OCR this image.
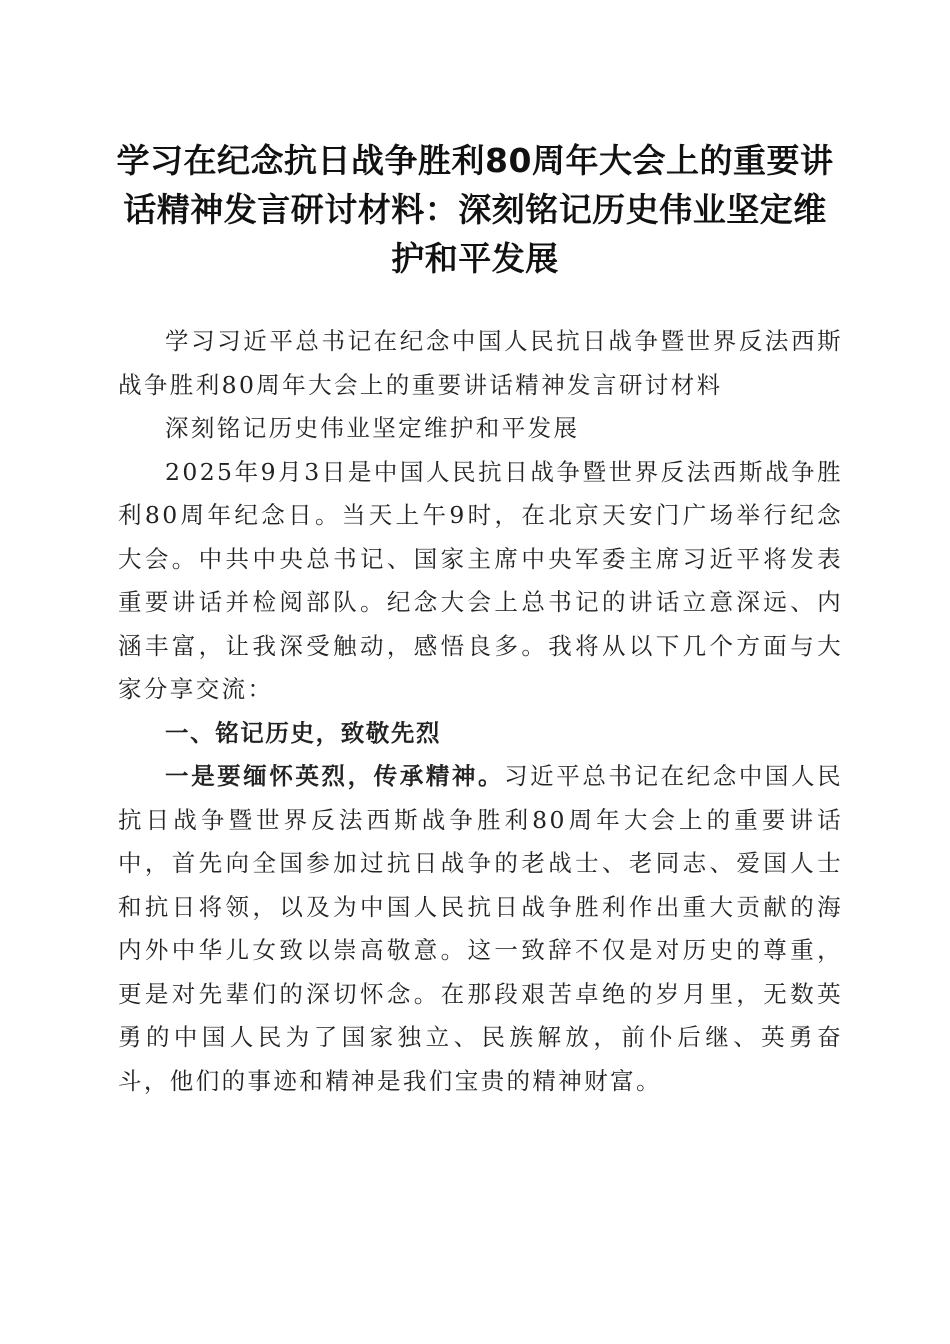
学习在纪念抗日战争胜利80周年大会上的重要讲话精神发言研讨材料：深刻铭记历史伟业坚定维护和平发展

学习习近平总书记在纪念中国人民抗日战争暨世界反法西斯战争胜利80周年大会上的重要讲话精神发言研讨材料

深刻铭记历史伟业坚定维护和平发展

2025年9月3日是中国人民抗日战争暨世界反法西斯战争胜利80周年纪念日。当天上午9时，在北京天安门广场举行纪念大会。中共中央总书记、国家主席中央军委主席习近平将发表重要讲话并检阅部队。纪念大会上总书记的讲话立意深远、内涵丰富，让我深受触动，感悟良多。我将从以下几个方面与大家分享交流：

一、铭记历史，致敬先烈

一是要缅怀英烈，传承精神。习近平总书记在纪念中国人民抗日战争暨世界反法西斯战争胜利80周年大会上的重要讲话中，首先向全国参加过抗日战争的老战士、老同志、爱国人士和抗日将领，以及为中国人民抗日战争胜利作出重大贡献的海内外中华儿女致以崇高敬意。这一致辞不仅是对历史的尊重，更是对先辈们的深切怀念。在那段艰苦卓绝的岁月里，无数英勇的中国人民为了国家独立、民族解放，前仆后继、英勇奋斗，他们的事迹和精神是我们宝贵的精神财富。
